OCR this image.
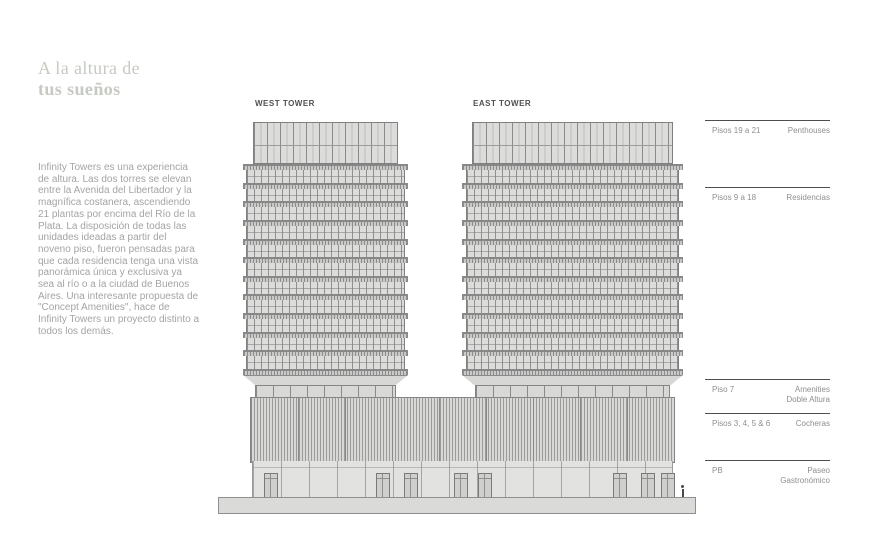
A la altura de
tus sueños

Infinity Towers es una experiencia de altura. Las dos torres se elevan entre la Avenida del Libertador y la magnífica costanera, ascendiendo 21 plantas por encima del Río de la Plata. La disposición de todas las unidades ideadas a partir del noveno piso, fueron pensadas para que cada residencia tenga una vista panorámica única y exclusiva ya sea al río o a la ciudad de Buenos Aires. Una interesante propuesta de "Concept Amenities", hace de Infinity Towers un proyecto distinto a todos los demás.

WEST TOWER	EAST TOWER
Pisos 19 a 21	Penthouses
Pisos 9 a 18	Residencias
Piso 7	Amenities
Doble Altura
Pisos 3, 4, 5 & 6	Cocheras
PB	Paseo
Gastronómico
